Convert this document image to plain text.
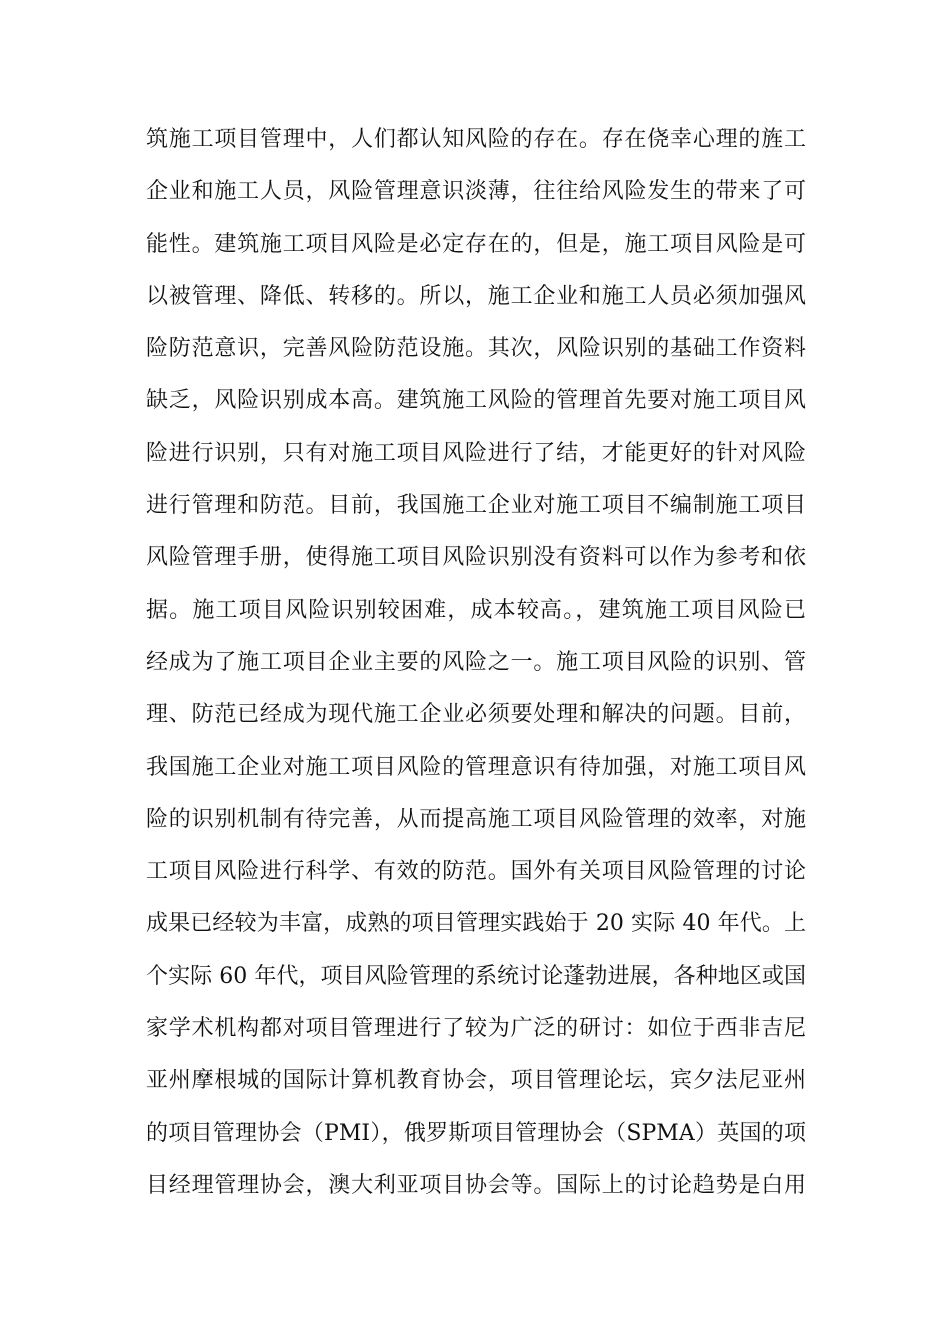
筑施工项目管理中，人们都认知风险的存在。存在侥幸心理的旌工
企业和施工人员，风险管理意识淡薄，往往给风险发生的带来了可
能性。建筑施工项目风险是必定存在的，但是，施工项目风险是可
以被管理、降低、转移的。所以，施工企业和施工人员必须加强风
险防范意识，完善风险防范设施。其次，风险识别的基础工作资料
缺乏，风险识别成本高。建筑施工风险的管理首先要对施工项目风
险进行识别，只有对施工项目风险进行了结，才能更好的针对风险
进行管理和防范。目前，我国施工企业对施工项目不编制施工项目
风险管理手册，使得施工项目风险识别没有资料可以作为参考和依
据。施工项目风险识别较困难，成本较高。，建筑施工项目风险已
经成为了施工项目企业主要的风险之一。施工项目风险的识别、管
理、防范已经成为现代施工企业必须要处理和解决的问题。目前，
我国施工企业对施工项目风险的管理意识有待加强，对施工项目风
险的识别机制有待完善，从而提高施工项目风险管理的效率，对施
工项目风险进行科学、有效的防范。国外有关项目风险管理的讨论
成果已经较为丰富，成熟的项目管理实践始于 20 实际 40 年代。上
个实际 60 年代，项目风险管理的系统讨论蓬勃进展，各种地区或国
家学术机构都对项目管理进行了较为广泛的研讨：如位于西非吉尼
亚州摩根城的国际计算机教育协会，项目管理论坛，宾夕法尼亚州
的项目管理协会（PMI），俄罗斯项目管理协会（SPMA）英国的项
目经理管理协会，澳大利亚项目协会等。国际上的讨论趋势是白用
